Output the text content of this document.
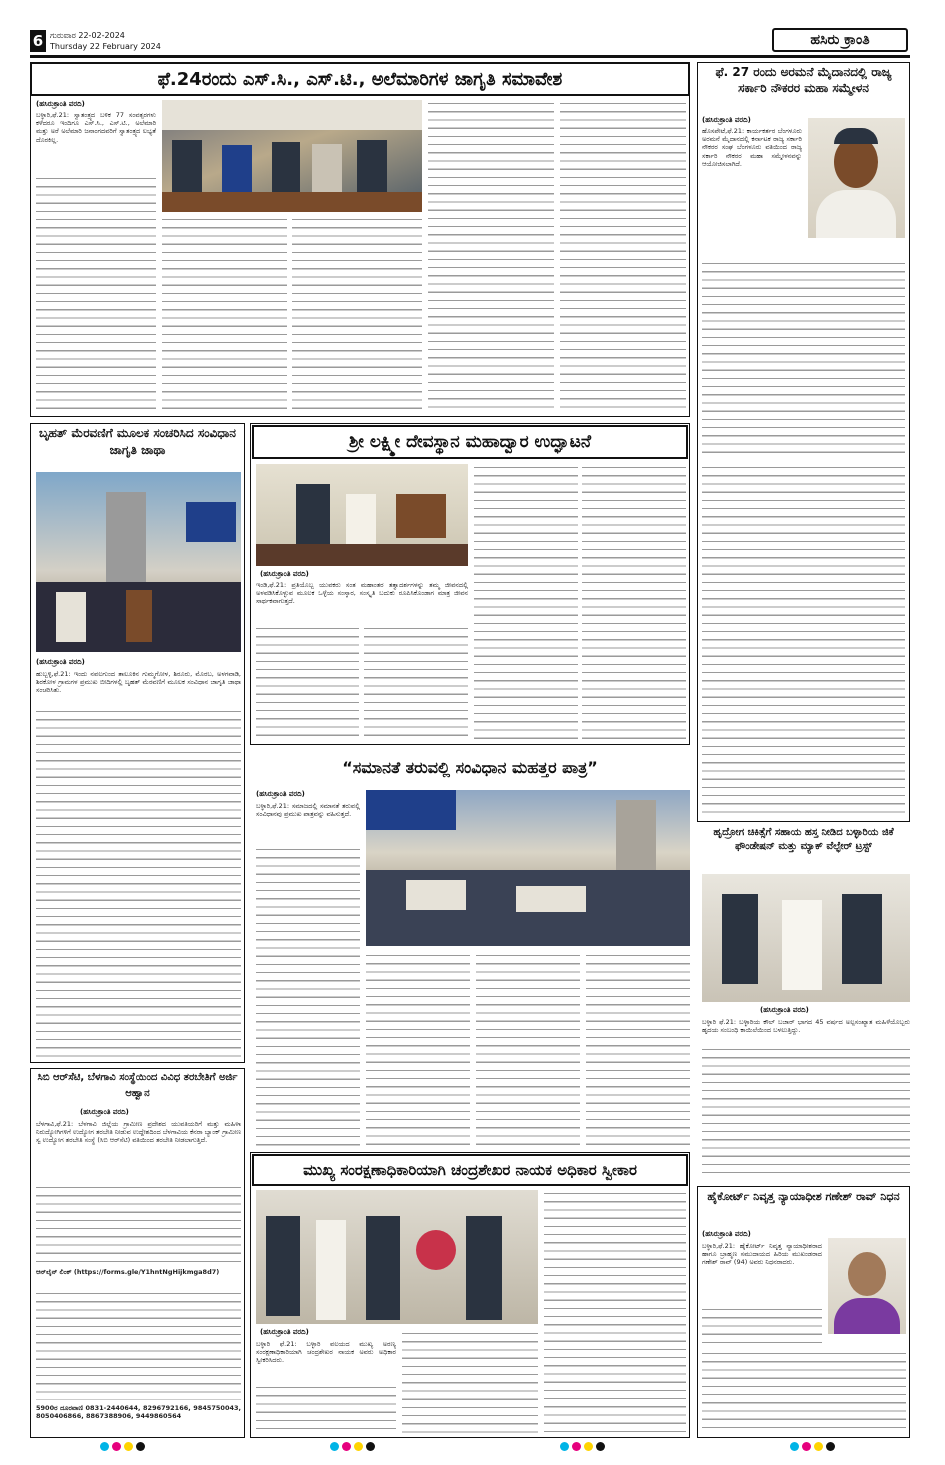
6 ಗುರುವಾರ 22-02-2024
Thursday 22 February 2024	ಹಸಿರು ಕ್ರಾಂತಿ
ಫೆ.24ರಂದು ಎಸ್.ಸಿ., ಎಸ್.ಟಿ., ಅಲೆಮಾರಿಗಳ ಜಾಗೃತಿ ಸಮಾವೇಶ
(ಹಸಿರುಕ್ರಾಂತಿ ವರದಿ)
ಬಳ್ಳಾರಿ,ಫೆ.21: ಸ್ವಾತಂತ್ರ್ಯದ ಬಳಿಕ 77 ಸಂವತ್ಸರಗಳು ಕಳೆದರೂ ಇಂದಿಗೂ ಎಸ್.ಸಿ., ಎಸ್.ಟಿ., ಅಲೆಮಾರಿ ಮತ್ತು ಅರೆ ಅಲೆಮಾರಿ ಜನಾಂಗದವರಿಗೆ ಸ್ವಾತಂತ್ರ್ಯದ ಲಭ್ಯತೆ ದೊರಕಿಲ್ಲ.
ಫೆ. 27 ರಂದು ಅರಮನೆ ಮೈದಾನದಲ್ಲಿ ರಾಜ್ಯ ಸರ್ಕಾರಿ ನೌಕರರ ಮಹಾ ಸಮ್ಮೇಳನ
(ಹಸಿರುಕ್ರಾಂತಿ ವರದಿ)
ಹೊಸಪೇಟೆ,ಫೆ.21: ಕಾರ್ಯಕರ್ತರ ಬೆಂಗಳೂರು ಅರಮನೆ ಮೈದಾನದಲ್ಲಿ ಕರ್ನಾಟಕ ರಾಜ್ಯ ಸರ್ಕಾರಿ ನೌಕರರ ಸಂಘ ಬೆಂಗಳೂರು ವತಿಯಿಂದ ರಾಜ್ಯ ಸರ್ಕಾರಿ ನೌಕರರ ಮಹಾ ಸಮ್ಮೇಳನವನ್ನು ಆಯೋಜಿಸಲಾಗಿದೆ.
ಬೃಹತ್ ಮೆರವಣಿಗೆ ಮೂಲಕ ಸಂಚರಿಸಿದ ಸಂವಿಧಾನ ಜಾಗೃತಿ ಜಾಥಾ
(ಹಸಿರುಕ್ರಾಂತಿ ವರದಿ)
ಹುಬ್ಬಳ್ಳಿ,ಫೆ.21: ಇಂದು ನವಲಗುಂದ ತಾಲೂಕಿನ ಗುಮ್ಮಗೋಳ, ಶಿರೂರು, ಮೊರಬ, ಅಳಗವಾಡಿ, ಶಿರಕೋಳ ಗ್ರಾಮಗಳ ಪ್ರಮುಖ ಬೀದಿಗಳಲ್ಲಿ ಬೃಹತ್ ಮೆರವಣಿಗೆ ಮೂಲಕ ಸಂವಿಧಾನ ಜಾಗೃತಿ ಜಾಥಾ ಸಂಚರಿಸಿತು.
ಶ್ರೀ ಲಕ್ಷ್ಮೀ ದೇವಸ್ಥಾನ ಮಹಾದ್ವಾರ ಉದ್ಘಾಟನೆ
(ಹಸಿರುಕ್ರಾಂತಿ ವರದಿ)
ಇಂಡಿ,ಫೆ.21: ಪ್ರತಿಯೊಬ್ಬ ಯುವಕರು ಸಂತ ಮಹಾಂತರ ತತ್ವಾದರ್ಶಗಳನ್ನು ತಮ್ಮ ಜೀವನದಲ್ಲಿ ಅಳವಡಿಸಿಕೊಳ್ಳುವ ಮೂಲಕ ಒಳ್ಳೆಯ ಸಂಸ್ಕಾರ, ಸಂಸ್ಕೃತಿ ಬದುಕು ರೂಪಿಸಿಕೊಂಡಾಗ ಮಾತ್ರ ಜೀವನ ಸಾರ್ಥಕವಾಗುತ್ತದೆ.
“ಸಮಾನತೆ ತರುವಲ್ಲಿ ಸಂವಿಧಾನ ಮಹತ್ತರ ಪಾತ್ರ”
(ಹಸಿರುಕ್ರಾಂತಿ ವರದಿ)
ಬಳ್ಳಾರಿ,ಫೆ.21: ಸಮಾಜದಲ್ಲಿ ಸಮಾನತೆ ತರುವಲ್ಲಿ ಸಂವಿಧಾನವು ಪ್ರಮುಖ ಪಾತ್ರವನ್ನು ವಹಿಸುತ್ತದೆ.
ಹೃದ್ರೋಗ ಚಿಕಿತ್ಸೆಗೆ ಸಹಾಯ ಹಸ್ತ ನೀಡಿದ ಬಳ್ಳಾರಿಯ ಜಿಕೆ ಫೌಂಡೇಷನ್ ಮತ್ತು ಮ್ಯಾಕ್ ವೆಲ್ಫೇರ್ ಟ್ರಸ್ಟ್
(ಹಸಿರುಕ್ರಾಂತಿ ವರದಿ)
ಬಳ್ಳಾರಿ ಫೆ.21: ಬಳ್ಳಾರಿಯ ಕೌಲ್ ಬಜಾರ್ ಭಾಗದ 45 ವರ್ಷದ ಅಲ್ಪಸಂಖ್ಯಾತ ಮಹಿಳೆಯೊಬ್ಬರು ಹೃದಯ ಸಂಬಂಧಿ ಕಾಯಿಲೆಯಿಂದ ಬಳಲುತ್ತಿದ್ದು.
ಸಿಬಿ ಆರ್‌ಸೆಟಿ, ಬೆಳಗಾವಿ ಸಂಸ್ಥೆಯಿಂದ ವಿವಿಧ ತರಬೇತಿಗೆ ಅರ್ಜಿ ಆಹ್ವಾನ
(ಹಸಿರುಕ್ರಾಂತಿ ವರದಿ)
ಬೆಳಗಾವಿ,ಫೆ.21: ಬೆಳಗಾವಿ ಜಿಲ್ಲೆಯ ಗ್ರಾಮೀಣ ಪ್ರದೇಶದ ಯುವತಿಯರಿಗೆ ಮತ್ತು ಮಹಿಳಾ ನಿರುದ್ಯೋಗಿಗಳಿಗೆ ಉದ್ಯೋಗ ತರಬೇತಿ ನೀಡುವ ಉದ್ದೇಶದಿಂದ ಬೆಳಗಾವಿಯ ಕೆನರಾ ಬ್ಯಾಂಕ್ ಗ್ರಾಮೀಣ ಸ್ವ ಉದ್ಯೋಗ ತರಬೇತಿ ಸಂಸ್ಥೆ (ಸಿಬಿ ಆರ್‌ಸೆಟಿ) ವತಿಯಿಂದ ತರಬೇತಿ ನೀಡಲಾಗುತ್ತಿದೆ.
ಆನ್‌ಲೈನ್ ಲಿಂಕ್ (https://forms.gle/Y1hntNgHijkmga8d7)
5900ರ ದೂರವಾಣಿ 0831-2440644, 8296792166, 9845750043, 8050406866, 8867388906, 9449860564
ಮುಖ್ಯ ಸಂರಕ್ಷಣಾಧಿಕಾರಿಯಾಗಿ ಚಂದ್ರಶೇಖರ ನಾಯಕ ಅಧಿಕಾರ ಸ್ವೀಕಾರ
(ಹಸಿರುಕ್ರಾಂತಿ ವರದಿ)
ಬಳ್ಳಾರಿ ಫೆ.21: ಬಳ್ಳಾರಿ ವಲಯದ ಮುಖ್ಯ ಅರಣ್ಯ ಸಂರಕ್ಷಣಾಧಿಕಾರಿಯಾಗಿ ಚಂದ್ರಶೇಖರ ನಾಯಕ ಅವರು ಅಧಿಕಾರ ಸ್ವೀಕರಿಸಿದರು.
ಹೈಕೋರ್ಟ್ ನಿವೃತ್ತ ನ್ಯಾಯಾಧೀಶ ಗಣೇಶ್ ರಾವ್ ನಿಧನ
(ಹಸಿರುಕ್ರಾಂತಿ ವರದಿ)
ಬಳ್ಳಾರಿ,ಫೆ.21: ಹೈಕೋರ್ಟ್ ನಿವೃತ್ತ ನ್ಯಾಯಾಧೀಶರಾದ ಹಾಗೂ ಬ್ರಾಹ್ಮಣ ಸಮುದಾಯದ ಹಿರಿಯ ಮುಖಂಡರಾದ ಗಣೇಶ್ ರಾವ್ (94) ಅವರು ನಿಧನರಾದರು.
